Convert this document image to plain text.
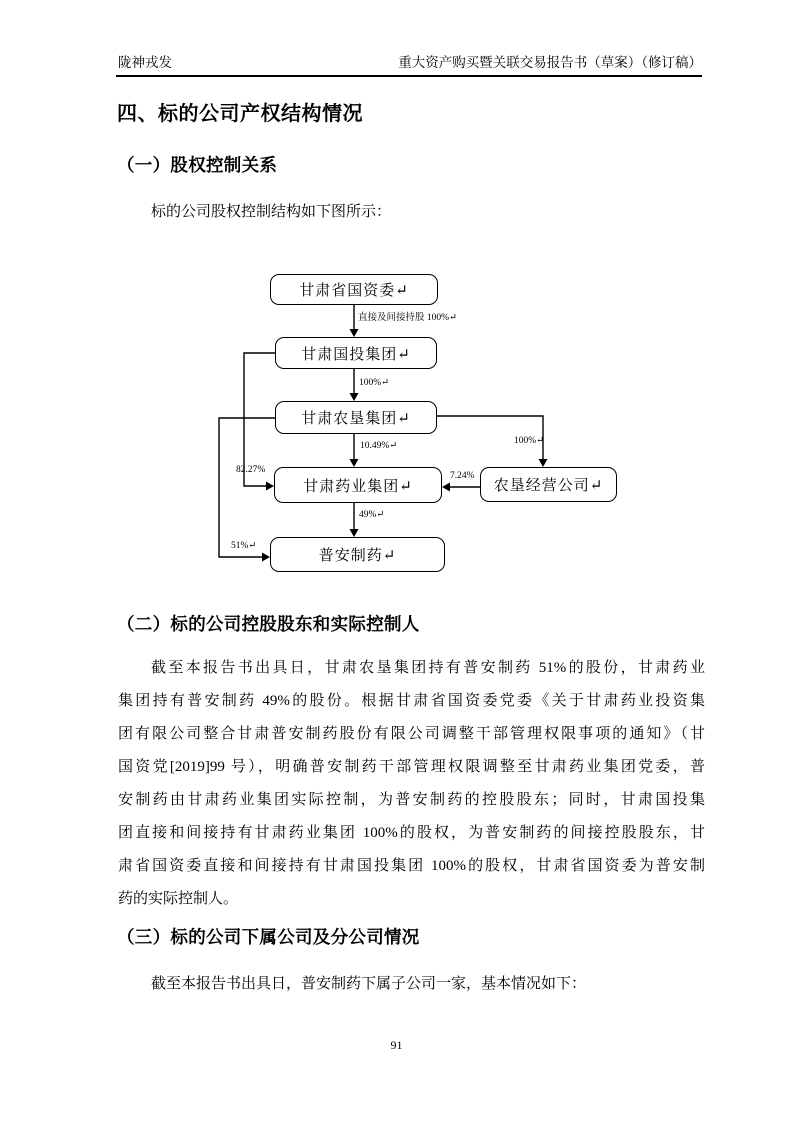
陇神戎发	重大资产购买暨关联交易报告书（草案）（修订稿）
四、标的公司产权结构情况
（一）股权控制关系
标的公司股权控制结构如下图所示：
甘肃省国资委↵
甘肃国投集团↵
甘肃农垦集团↵
甘肃药业集团↵	农垦经营公司↵
普安制药↵
直接及间接持股 100%↵
100%↵
10.49%↵
49%↵
82.27%
51%↵
100%↵
7.24%
（二）标的公司控股股东和实际控制人
截至本报告书出具日，甘肃农垦集团持有普安制药 51%的股份，甘肃药业
集团持有普安制药 49%的股份。根据甘肃省国资委党委《关于甘肃药业投资集
团有限公司整合甘肃普安制药股份有限公司调整干部管理权限事项的通知》（甘
国资党[2019]99 号），明确普安制药干部管理权限调整至甘肃药业集团党委，普
安制药由甘肃药业集团实际控制，为普安制药的控股股东；同时，甘肃国投集
团直接和间接持有甘肃药业集团 100%的股权，为普安制药的间接控股股东，甘
肃省国资委直接和间接持有甘肃国投集团 100%的股权，甘肃省国资委为普安制
药的实际控制人。
（三）标的公司下属公司及分公司情况
截至本报告书出具日，普安制药下属子公司一家，基本情况如下：
91
